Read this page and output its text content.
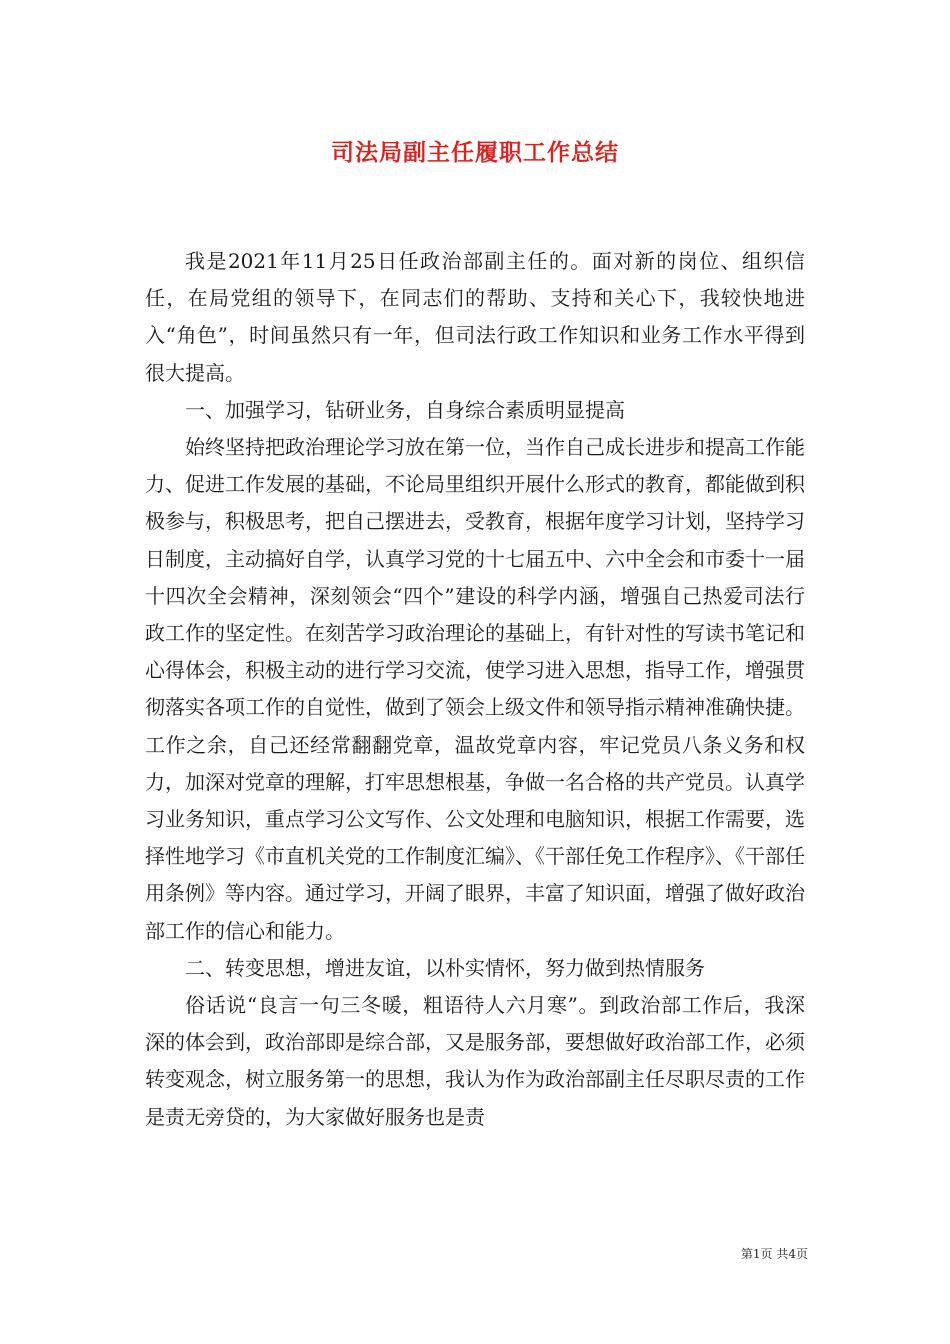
司法局副主任履职工作总结

我是2021年11月25日任政治部副主任的。面对新的岗位、组织信任，在局党组的领导下，在同志们的帮助、支持和关心下，我较快地进入“角色”，时间虽然只有一年，但司法行政工作知识和业务工作水平得到很大提高。

一、加强学习，钻研业务，自身综合素质明显提高

始终坚持把政治理论学习放在第一位，当作自己成长进步和提高工作能力、促进工作发展的基础，不论局里组织开展什么形式的教育，都能做到积极参与，积极思考，把自己摆进去，受教育，根据年度学习计划，坚持学习日制度，主动搞好自学，认真学习党的十七届五中、六中全会和市委十一届十四次全会精神，深刻领会“四个”建设的科学内涵，增强自己热爱司法行政工作的坚定性。在刻苦学习政治理论的基础上，有针对性的写读书笔记和心得体会，积极主动的进行学习交流，使学习进入思想，指导工作，增强贯彻落实各项工作的自觉性，做到了领会上级文件和领导指示精神准确快捷。工作之余，自己还经常翻翻党章，温故党章内容，牢记党员八条义务和权力，加深对党章的理解，打牢思想根基，争做一名合格的共产党员。认真学习业务知识，重点学习公文写作、公文处理和电脑知识，根据工作需要，选择性地学习《市直机关党的工作制度汇编》、《干部任免工作程序》、《干部任用条例》等内容。通过学习，开阔了眼界，丰富了知识面，增强了做好政治部工作的信心和能力。

二、转变思想，增进友谊，以朴实情怀，努力做到热情服务

俗话说“良言一句三冬暖，粗语待人六月寒”。到政治部工作后，我深深的体会到，政治部即是综合部，又是服务部，要想做好政治部工作，必须转变观念，树立服务第一的思想，我认为作为政治部副主任尽职尽责的工作是责无旁贷的，为大家做好服务也是责

第1页 共4页
